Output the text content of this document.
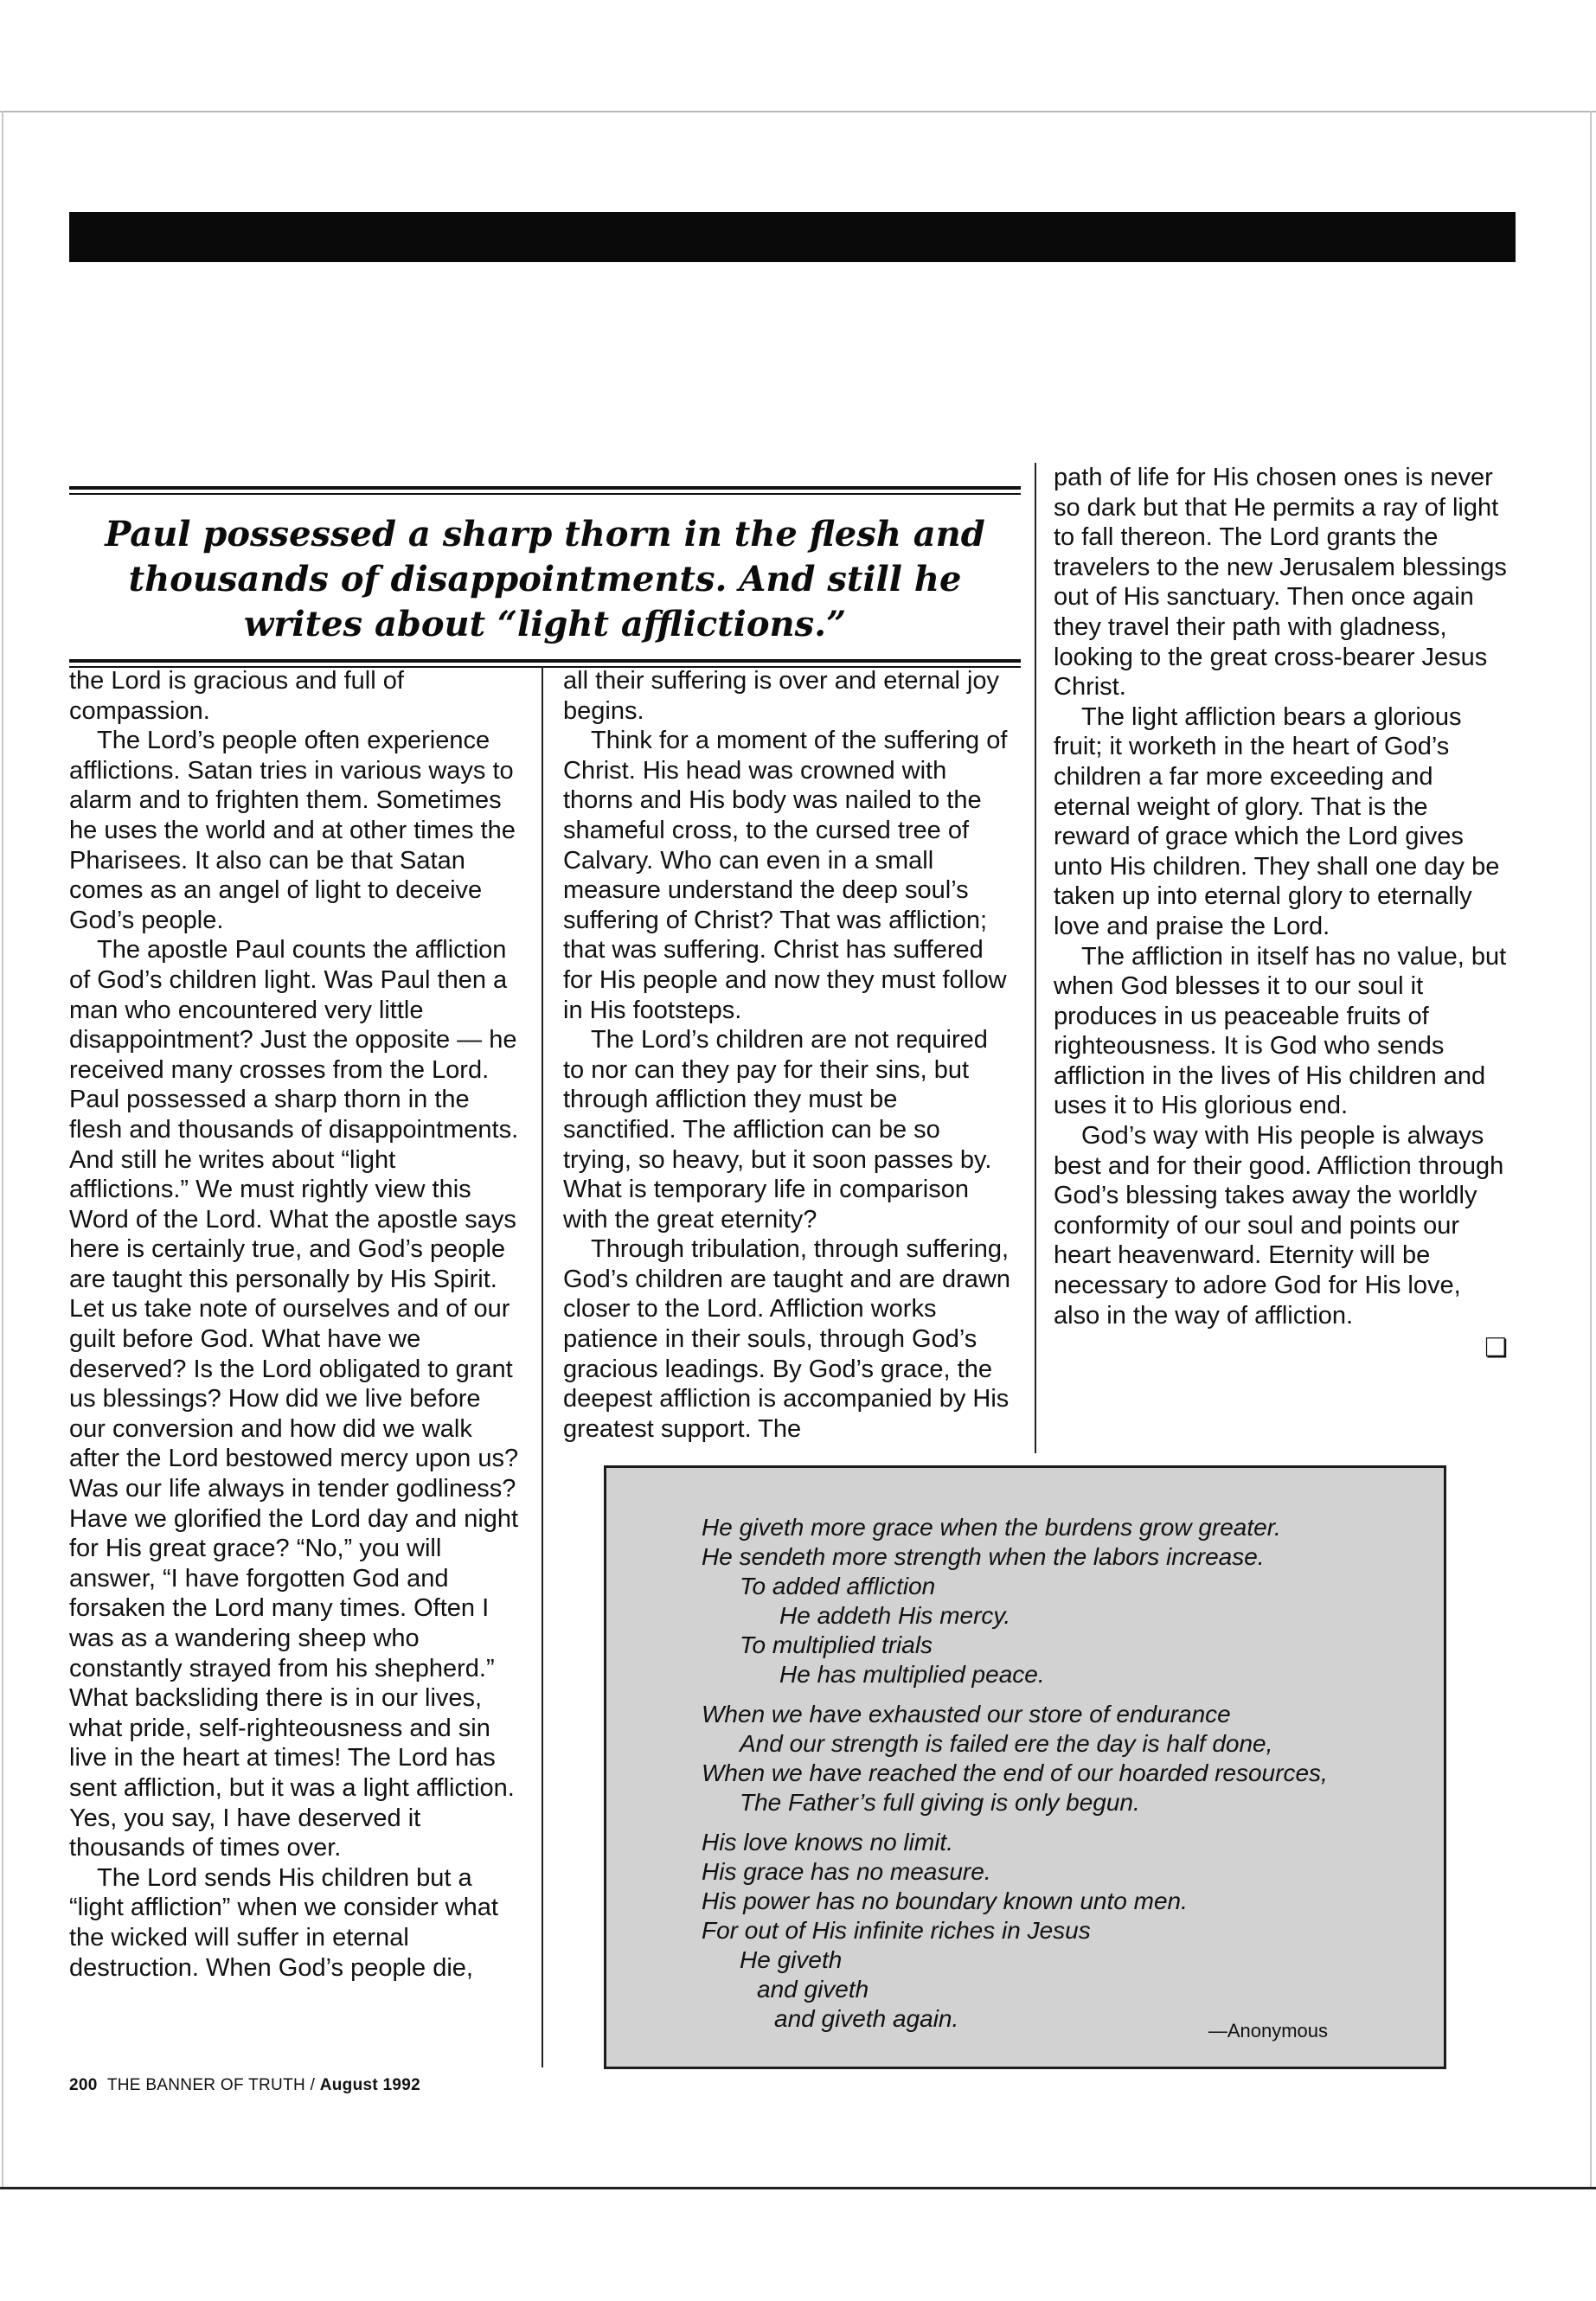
Paul possessed a sharp thorn in the flesh and thousands of disappointments. And still he writes about “light afflictions.”

the Lord is gracious and full of compassion.

The Lord’s people often experience afflictions. Satan tries in various ways to alarm and to frighten them. Sometimes he uses the world and at other times the Pharisees. It also can be that Satan comes as an angel of light to deceive God’s people.

The apostle Paul counts the affliction of God’s children light. Was Paul then a man who encountered very little disappointment? Just the opposite — he received many crosses from the Lord. Paul possessed a sharp thorn in the flesh and thousands of disappointments. And still he writes about “light afflictions.” We must rightly view this Word of the Lord. What the apostle says here is certainly true, and God’s people are taught this personally by His Spirit. Let us take note of ourselves and of our guilt before God. What have we deserved? Is the Lord obligated to grant us blessings? How did we live before our conversion and how did we walk after the Lord bestowed mercy upon us? Was our life always in tender godliness? Have we glorified the Lord day and night for His great grace? “No,” you will answer, “I have forgotten God and forsaken the Lord many times. Often I was as a wandering sheep who constantly strayed from his shepherd.” What backsliding there is in our lives, what pride, self-righteousness and sin live in the heart at times! The Lord has sent affliction, but it was a light affliction. Yes, you say, I have deserved it thousands of times over.

The Lord sends His children but a “light affliction” when we consider what the wicked will suffer in eternal destruction. When God’s people die,

all their suffering is over and eternal joy begins.

Think for a moment of the suffering of Christ. His head was crowned with thorns and His body was nailed to the shameful cross, to the cursed tree of Calvary. Who can even in a small measure understand the deep soul’s suffering of Christ? That was affliction; that was suffering. Christ has suffered for His people and now they must follow in His footsteps.

The Lord’s children are not required to nor can they pay for their sins, but through affliction they must be sanctified. The affliction can be so trying, so heavy, but it soon passes by. What is temporary life in comparison with the great eternity?

Through tribulation, through suffering, God’s children are taught and are drawn closer to the Lord. Affliction works patience in their souls, through God’s gracious leadings. By God’s grace, the deepest affliction is accompanied by His greatest support. The

path of life for His chosen ones is never so dark but that He permits a ray of light to fall thereon. The Lord grants the travelers to the new Jerusalem blessings out of His sanctuary. Then once again they travel their path with gladness, looking to the great cross-bearer Jesus Christ.

The light affliction bears a glorious fruit; it worketh in the heart of God’s children a far more exceeding and eternal weight of glory. That is the reward of grace which the Lord gives unto His children. They shall one day be taken up into eternal glory to eternally love and praise the Lord.

The affliction in itself has no value, but when God blesses it to our soul it produces in us peaceable fruits of righteousness. It is God who sends affliction in the lives of His children and uses it to His glorious end.

God’s way with His people is always best and for their good. Affliction through God’s blessing takes away the worldly conformity of our soul and points our heart heavenward. Eternity will be necessary to adore God for His love, also in the way of affliction.

❏
He giveth more grace when the burdens grow greater.
He sendeth more strength when the labors increase.
To added affliction
He addeth His mercy.
To multiplied trials
He has multiplied peace.
When we have exhausted our store of endurance
And our strength is failed ere the day is half done,
When we have reached the end of our hoarded resources,
The Father’s full giving is only begun.
His love knows no limit.
His grace has no measure.
His power has no boundary known unto men.
For out of His infinite riches in Jesus
He giveth
and giveth
and giveth again.	—Anonymous
200 THE BANNER OF TRUTH / August 1992
